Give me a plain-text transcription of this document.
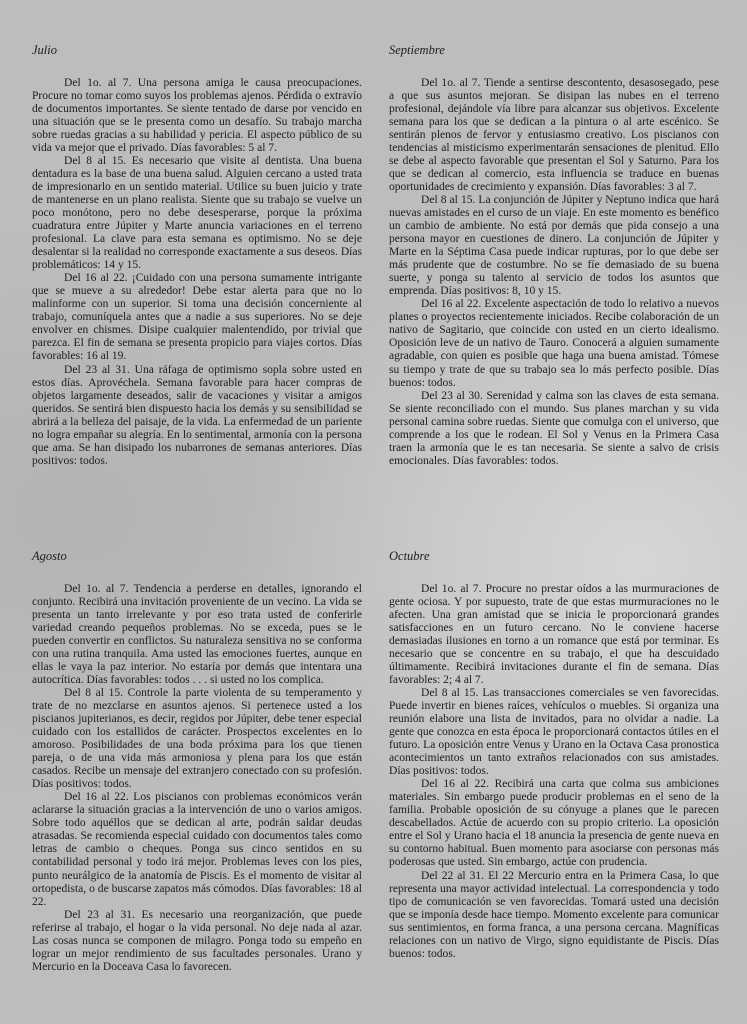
Julio

Del 1o. al 7. Una persona amiga le causa preocupaciones. Procure no tomar como suyos los problemas ajenos. Pérdida o extravío de documentos importantes. Se siente tentado de darse por vencido en una situación que se le presenta como un desafío. Su trabajo marcha sobre ruedas gracias a su habilidad y pericia. El aspecto público de su vida va mejor que el privado. Días favorables: 5 al 7.

Del 8 al 15. Es necesario que visite al dentista. Una buena dentadura es la base de una buena salud. Alguien cercano a usted trata de impresionarlo en un sentido material. Utilice su buen juicio y trate de mantenerse en un plano realista. Siente que su trabajo se vuelve un poco monótono, pero no debe desesperarse, porque la próxima cuadratura entre Júpiter y Marte anuncia variaciones en el terreno profesional. La clave para esta semana es optimismo. No se deje desalentar si la realidad no corresponde exactamente a sus deseos. Días problemáticos: 14 y 15.

Del 16 al 22. ¡Cuidado con una persona sumamente intrigante que se mueve a su alrededor! Debe estar alerta para que no lo malinforme con un superior. Si toma una decisión concerniente al trabajo, comuníquela antes que a nadie a sus superiores. No se deje envolver en chismes. Disipe cualquier malentendido, por trivial que parezca. El fin de semana se presenta propicio para viajes cortos. Días favorables: 16 al 19.

Del 23 al 31. Una ráfaga de optimismo sopla sobre usted en estos días. Aprovéchela. Semana favorable para hacer compras de objetos largamente deseados, salir de vacaciones y visitar a amigos queridos. Se sentirá bien dispuesto hacia los demás y su sensibilidad se abrirá a la belleza del paisaje, de la vida. La enfermedad de un pariente no logra empañar su alegría. En lo sentimental, armonía con la persona que ama. Se han disipado los nubarrones de semanas anteriores. Días positivos: todos.

Septiembre

Del 1o. al 7. Tiende a sentirse descontento, desasosegado, pese a que sus asuntos mejoran. Se disipan las nubes en el terreno profesional, dejándole vía libre para alcanzar sus objetivos. Excelente semana para los que se dedican a la pintura o al arte escénico. Se sentirán plenos de fervor y entusiasmo creativo. Los piscianos con tendencias al misticismo experimentarán sensaciones de plenitud. Ello se debe al aspecto favorable que presentan el Sol y Saturno. Para los que se dedican al comercio, esta influencia se traduce en buenas oportunidades de crecimiento y expansión. Días favorables: 3 al 7.

Del 8 al 15. La conjunción de Júpiter y Neptuno indica que hará nuevas amistades en el curso de un viaje. En este momento es benéfico un cambio de ambiente. No está por demás que pida consejo a una persona mayor en cuestiones de dinero. La conjunción de Júpiter y Marte en la Séptima Casa puede indicar rupturas, por lo que debe ser más prudente que de costumbre. No se fíe demasiado de su buena suerte, y ponga su talento al servicio de todos los asuntos que emprenda. Días positivos: 8, 10 y 15.

Del 16 al 22. Excelente aspectación de todo lo relativo a nuevos planes o proyectos recientemente iniciados. Recibe colaboración de un nativo de Sagitario, que coincide con usted en un cierto idealismo. Oposición leve de un nativo de Tauro. Conocerá a alguien sumamente agradable, con quien es posible que haga una buena amistad. Tómese su tiempo y trate de que su trabajo sea lo más perfecto posible. Días buenos: todos.

Del 23 al 30. Serenidad y calma son las claves de esta semana. Se siente reconciliado con el mundo. Sus planes marchan y su vida personal camina sobre ruedas. Siente que comulga con el universo, que comprende a los que le rodean. El Sol y Venus en la Primera Casa traen la armonía que le es tan necesaria. Se siente a salvo de crisis emocionales. Días favorables: todos.

Agosto

Del 1o. al 7. Tendencia a perderse en detalles, ignorando el conjunto. Recibirá una invitación proveniente de un vecino. La vida se presenta un tanto irrelevante y por eso trata usted de conferirle variedad creando pequeños problemas. No se exceda, pues se le pueden convertir en conflictos. Su naturaleza sensitiva no se conforma con una rutina tranquila. Ama usted las emociones fuertes, aunque en ellas le vaya la paz interior. No estaría por demás que intentara una autocrítica. Días favorables: todos . . . si usted no los complica.

Del 8 al 15. Controle la parte violenta de su temperamento y trate de no mezclarse en asuntos ajenos. Si pertenece usted a los piscianos jupiterianos, es decir, regidos por Júpiter, debe tener especial cuidado con los estallidos de carácter. Prospectos excelentes en lo amoroso. Posibilidades de una boda próxima para los que tienen pareja, o de una vida más armoniosa y plena para los que están casados. Recibe un mensaje del extranjero conectado con su profesión. Días positivos: todos.

Del 16 al 22. Los piscianos con problemas económicos verán aclararse la situación gracias a la intervención de uno o varios amigos. Sobre todo aquéllos que se dedican al arte, podrán saldar deudas atrasadas. Se recomienda especial cuidado con documentos tales como letras de cambio o cheques. Ponga sus cinco sentidos en su contabilidad personal y todo irá mejor. Problemas leves con los pies, punto neurálgico de la anatomía de Piscis. Es el momento de visitar al ortopedista, o de buscarse zapatos más cómodos. Días favorables: 18 al 22.

Del 23 al 31. Es necesario una reorganización, que puede referirse al trabajo, el hogar o la vida personal. No deje nada al azar. Las cosas nunca se componen de milagro. Ponga todo su empeño en lograr un mejor rendimiento de sus facultades personales. Urano y Mercurio en la Doceava Casa lo favorecen.

Octubre

Del 1o. al 7. Procure no prestar oídos a las murmuraciones de gente ociosa. Y por supuesto, trate de que estas murmuraciones no le afecten. Una gran amistad que se inicia le proporcionará grandes satisfacciones en un futuro cercano. No le conviene hacerse demasiadas ilusiones en torno a un romance que está por terminar. Es necesario que se concentre en su trabajo, el que ha descuidado últimamente. Recibirá invitaciones durante el fin de semana. Días favorables: 2; 4 al 7.

Del 8 al 15. Las transacciones comerciales se ven favorecidas. Puede invertir en bienes raíces, vehículos o muebles. Si organiza una reunión elabore una lista de invitados, para no olvidar a nadie. La gente que conozca en esta época le proporcionará contactos útiles en el futuro. La oposición entre Venus y Urano en la Octava Casa pronostica acontecimientos un tanto extraños relacionados con sus amistades. Días positivos: todos.

Del 16 al 22. Recibirá una carta que colma sus ambiciones materiales. Sin embargo puede producir problemas en el seno de la familia. Probable oposición de su cónyuge a planes que le parecen descabellados. Actúe de acuerdo con su propio criterio. La oposición entre el Sol y Urano hacia el 18 anuncia la presencia de gente nueva en su contorno habitual. Buen momento para asociarse con personas más poderosas que usted. Sin embargo, actúe con prudencia.

Del 22 al 31. El 22 Mercurio entra en la Primera Casa, lo que representa una mayor actividad intelectual. La correspondencia y todo tipo de comunicación se ven favorecidas. Tomará usted una decisión que se imponía desde hace tiempo. Momento excelente para comunicar sus sentimientos, en forma franca, a una persona cercana. Magníficas relaciones con un nativo de Virgo, signo equidistante de Piscis. Días buenos: todos.
